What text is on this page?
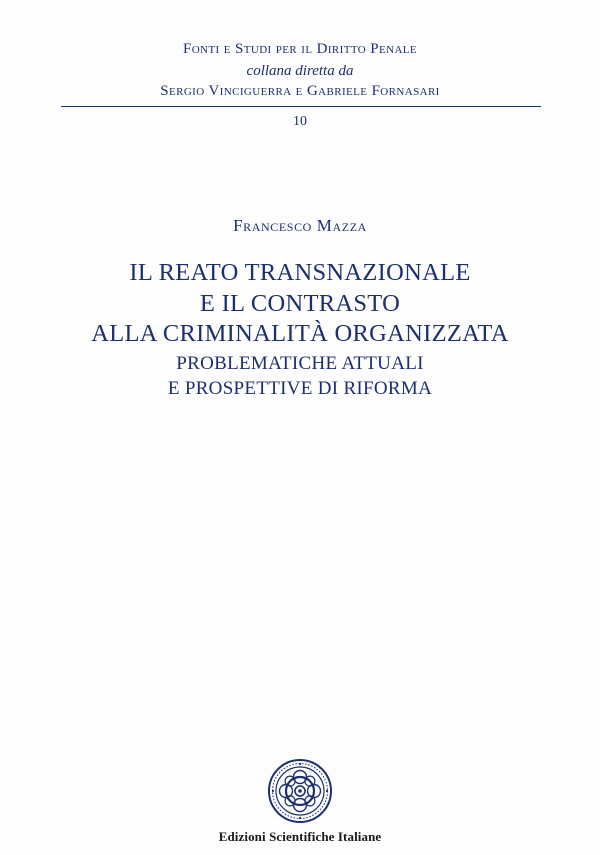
Fonti e Studi per il Diritto Penale
collana diretta da
Sergio Vinciguerra e Gabriele Fornasari
10
Francesco Mazza
IL REATO TRANSNAZIONALE
E IL CONTRASTO
ALLA CRIMINALITÀ ORGANIZZATA
PROBLEMATICHE ATTUALI
E PROSPETTIVE DI RIFORMA
Edizioni Scientifiche Italiane
